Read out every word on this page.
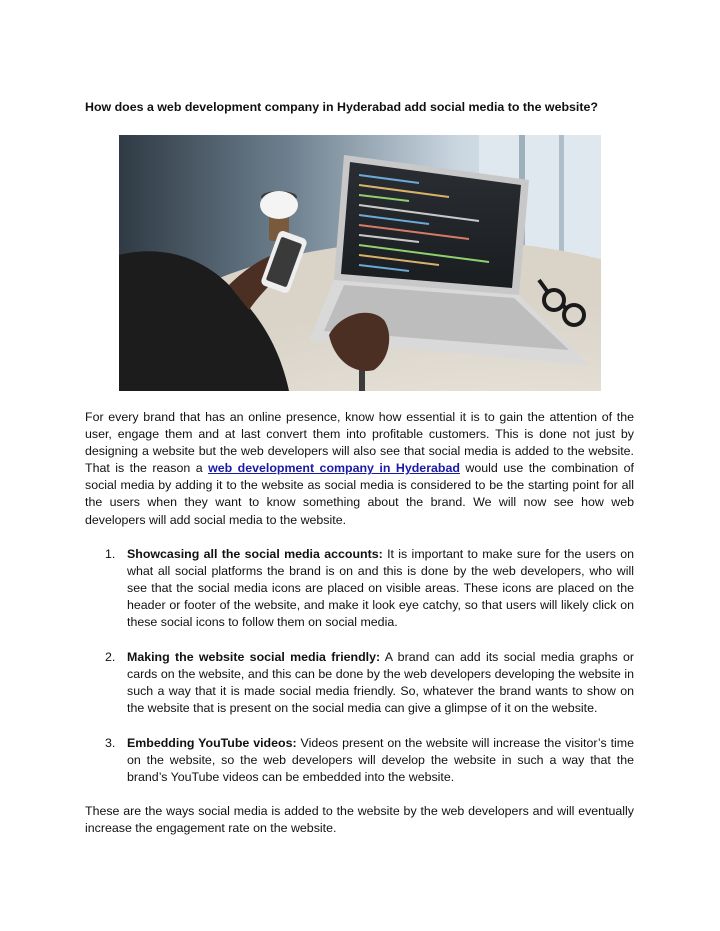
How does a web development company in Hyderabad add social media to the website?

For every brand that has an online presence, know how essential it is to gain the attention of the user, engage them and at last convert them into profitable customers. This is done not just by designing a website but the web developers will also see that social media is added to the website. That is the reason a web development company in Hyderabad would use the combination of social media by adding it to the website as social media is considered to be the starting point for all the users when they want to know something about the brand. We will now see how web developers will add social media to the website.

1. Showcasing all the social media accounts: It is important to make sure for the users on what all social platforms the brand is on and this is done by the web developers, who will see that the social media icons are placed on visible areas. These icons are placed on the header or footer of the website, and make it look eye catchy, so that users will likely click on these social icons to follow them on social media.

2. Making the website social media friendly: A brand can add its social media graphs or cards on the website, and this can be done by the web developers developing the website in such a way that it is made social media friendly. So, whatever the brand wants to show on the website that is present on the social media can give a glimpse of it on the website.

3. Embedding YouTube videos: Videos present on the website will increase the visitor’s time on the website, so the web developers will develop the website in such a way that the brand’s YouTube videos can be embedded into the website.

These are the ways social media is added to the website by the web developers and will eventually increase the engagement rate on the website.
